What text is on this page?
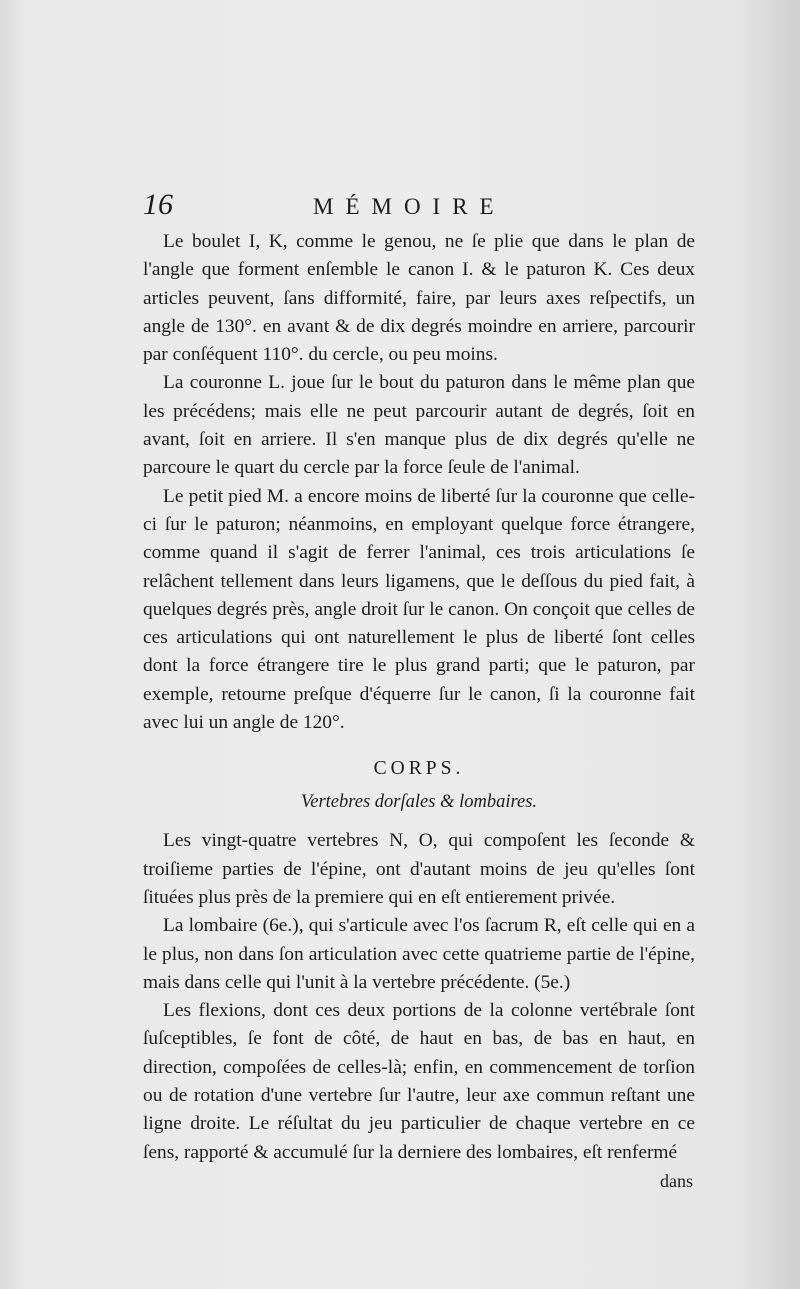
16	MÉMOIRE

Le boulet I, K, comme le genou, ne ſe plie que dans le plan de l'angle que forment enſemble le canon I. & le paturon K. Ces deux articles peuvent, ſans difformité, faire, par leurs axes reſpectifs, un angle de 130°. en avant & de dix degrés moindre en arriere, parcourir par conſéquent 110°. du cercle, ou peu moins.

La couronne L. joue ſur le bout du paturon dans le même plan que les précédens; mais elle ne peut parcourir autant de degrés, ſoit en avant, ſoit en arriere. Il s'en manque plus de dix degrés qu'elle ne parcoure le quart du cercle par la force ſeule de l'animal.

Le petit pied M. a encore moins de liberté ſur la couronne que celle-ci ſur le paturon; néanmoins, en employant quelque force étrangere, comme quand il s'agit de ferrer l'animal, ces trois articulations ſe relâchent tellement dans leurs ligamens, que le deſſous du pied fait, à quelques degrés près, angle droit ſur le canon. On conçoit que celles de ces articulations qui ont naturellement le plus de liberté ſont celles dont la force étrangere tire le plus grand parti; que le paturon, par exemple, retourne preſque d'équerre ſur le canon, ſi la couronne fait avec lui un angle de 120°.

CORPS.
Vertebres dorſales & lombaires.

Les vingt-quatre vertebres N, O, qui compoſent les ſeconde & troiſieme parties de l'épine, ont d'autant moins de jeu qu'elles ſont ſituées plus près de la premiere qui en eſt entierement privée.

La lombaire (6e.), qui s'articule avec l'os ſacrum R, eſt celle qui en a le plus, non dans ſon articulation avec cette quatrieme partie de l'épine, mais dans celle qui l'unit à la vertebre précédente. (5e.)

Les flexions, dont ces deux portions de la colonne vertébrale ſont ſuſceptibles, ſe font de côté, de haut en bas, de bas en haut, en direction, compoſées de celles-là; enfin, en commencement de torſion ou de rotation d'une vertebre ſur l'autre, leur axe commun reſtant une ligne droite. Le réſultat du jeu particulier de chaque vertebre en ce ſens, rapporté & accumulé ſur la derniere des lombaires, eſt renfermé

dans
